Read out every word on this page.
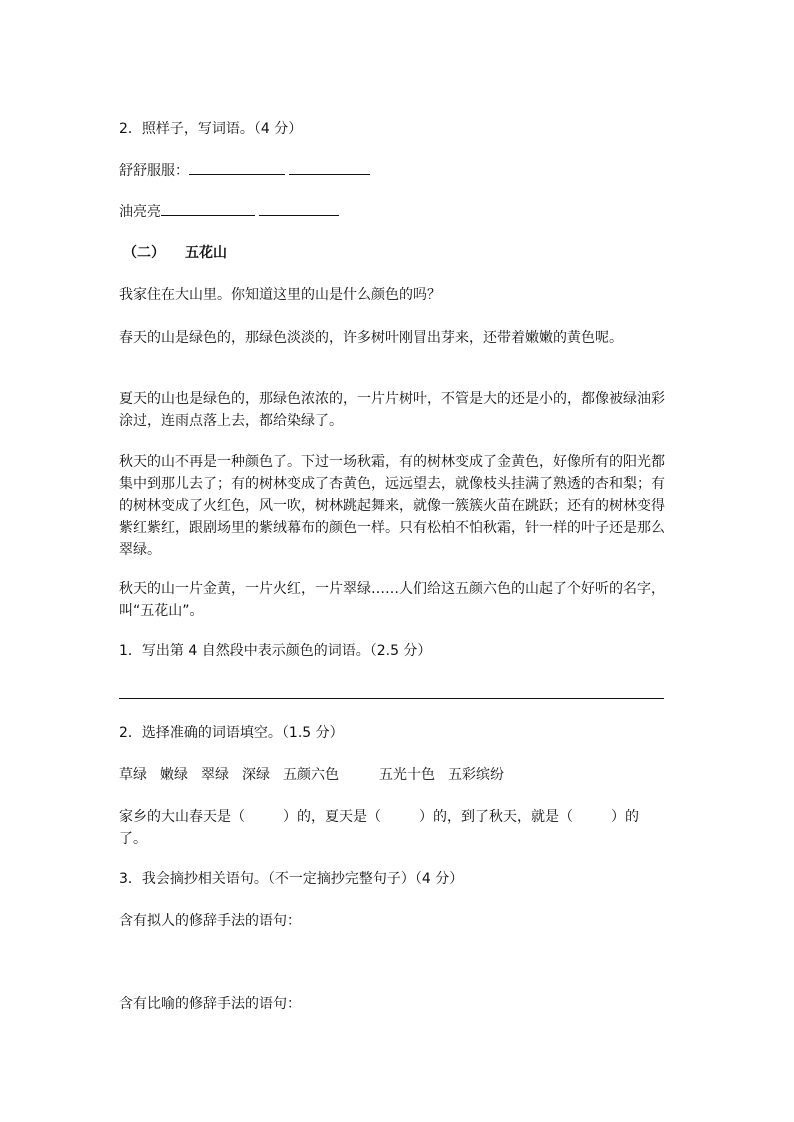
2．照样子，写词语。（4 分）

舒舒服服：

油亮亮

（二） 五花山

我家住在大山里。你知道这里的山是什么颜色的吗？

春天的山是绿色的，那绿色淡淡的，许多树叶刚冒出芽来，还带着嫩嫩的黄色呢。

夏天的山也是绿色的，那绿色浓浓的，一片片树叶，不管是大的还是小的，都像被绿油彩涂过，连雨点落上去，都给染绿了。

秋天的山不再是一种颜色了。下过一场秋霜，有的树林变成了金黄色，好像所有的阳光都集中到那儿去了；有的树林变成了杏黄色，远远望去，就像枝头挂满了熟透的杏和梨；有的树林变成了火红色，风一吹，树林跳起舞来，就像一簇簇火苗在跳跃；还有的树林变得紫红紫红，跟剧场里的紫绒幕布的颜色一样。只有松柏不怕秋霜，针一样的叶子还是那么翠绿。

秋天的山一片金黄，一片火红，一片翠绿……人们给这五颜六色的山起了个好听的名字，叫“五花山”。

1．写出第 4 自然段中表示颜色的词语。（2.5 分）

2．选择准确的词语填空。（1.5 分）

草绿 嫩绿 翠绿 深绿 五颜六色	五光十色 五彩缤纷

家乡的大山春天是（	）的，夏天是（	）的，到了秋天，就是（	）的了。

3．我会摘抄相关语句。（不一定摘抄完整句子）（4 分）

含有拟人的修辞手法的语句：

含有比喻的修辞手法的语句：
